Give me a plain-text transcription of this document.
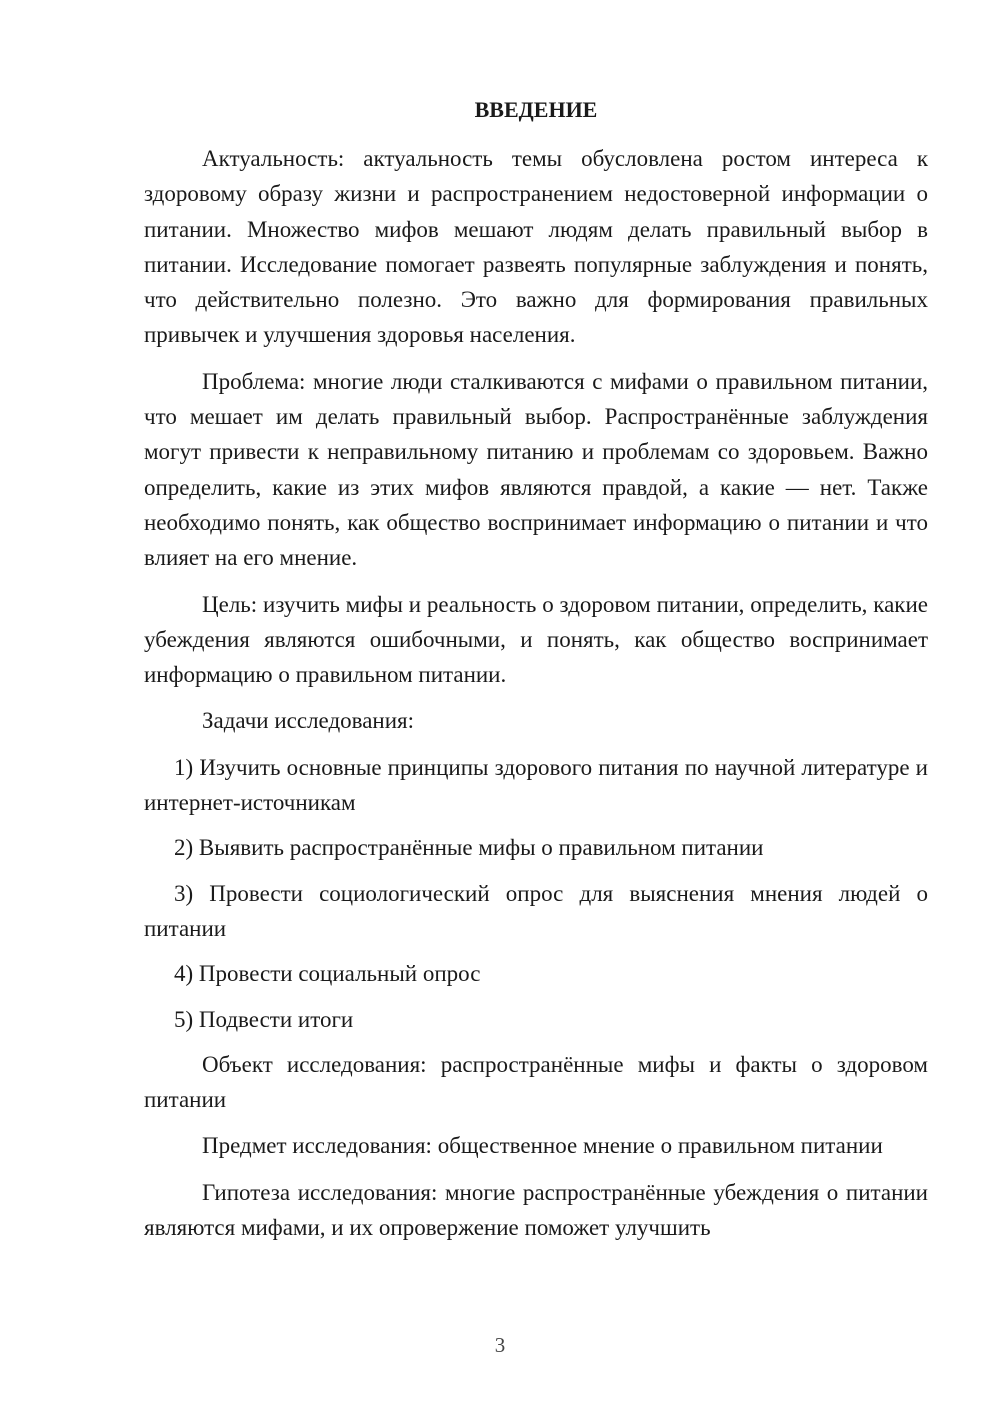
ВВЕДЕНИЕ

Актуальность: актуальность темы обусловлена ростом интереса к здоровому образу жизни и распространением недостоверной информации о питании. Множество мифов мешают людям делать правильный выбор в питании. Исследование помогает развеять популярные заблуждения и понять, что действительно полезно. Это важно для формирования правильных привычек и улучшения здоровья населения.

Проблема: многие люди сталкиваются с мифами о правильном питании, что мешает им делать правильный выбор. Распространённые заблуждения могут привести к неправильному питанию и проблемам со здоровьем. Важно определить, какие из этих мифов являются правдой, а какие — нет. Также необходимо понять, как общество воспринимает информацию о питании и что влияет на его мнение.

Цель: изучить мифы и реальность о здоровом питании, определить, какие убеждения являются ошибочными, и понять, как общество воспринимает информацию о правильном питании.

Задачи исследования:

1) Изучить основные принципы здорового питания по научной литературе и интернет-источникам

2) Выявить распространённые мифы о правильном питании

3) Провести социологический опрос для выяснения мнения людей о питании

4) Провести социальный опрос

5) Подвести итоги

Объект исследования: распространённые мифы и факты о здоровом питании

Предмет исследования: общественное мнение о правильном питании

Гипотеза исследования: многие распространённые убеждения о питании являются мифами, и их опровержение поможет улучшить

3
